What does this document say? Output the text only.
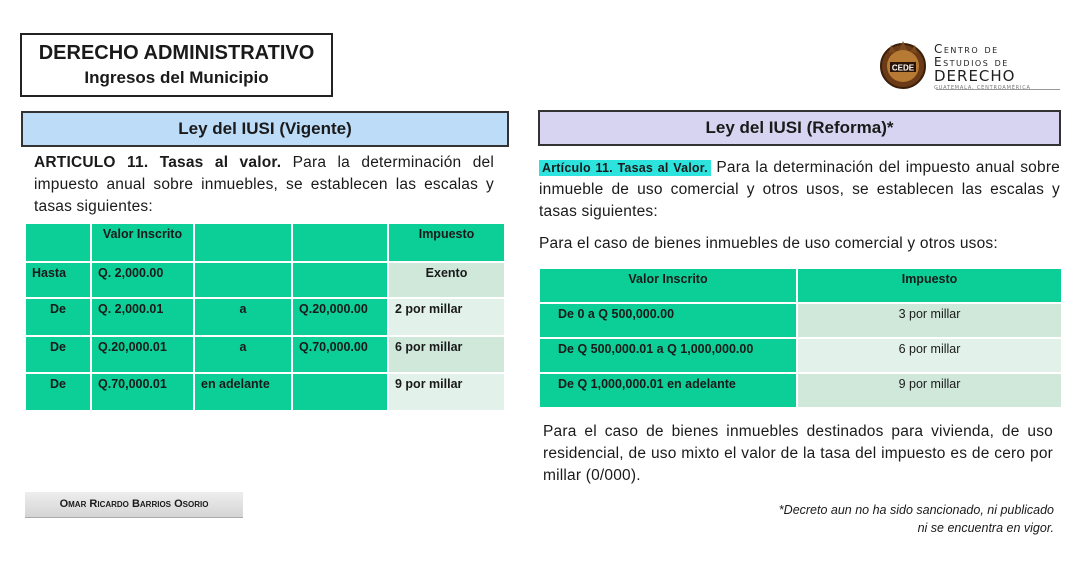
DERECHO ADMINISTRATIVO
Ingresos del Municipio	CEDE
Centro de
Estudios de
DERECHO
GUATEMALA, CENTROAMÉRICA
Ley del IUSI (Vigente)	Ley del IUSI (Reforma)*

ARTICULO 11. Tasas al valor. Para la determinación del impuesto anual sobre inmuebles, se establecen las escalas y tasas siguientes:

	Valor Inscrito			Impuesto
Hasta	Q. 2,000.00			Exento
De	Q. 2,000.01	a	Q.20,000.00	2 por millar
De	Q.20,000.01	a	Q.70,000.00	6 por millar
De	Q.70,000.01	en adelante		9 por millar

Artículo 11. Tasas al Valor. Para la determinación del impuesto anual sobre inmueble de uso comercial y otros usos, se establecen las escalas y tasas siguientes:

Para el caso de bienes inmuebles de uso comercial y otros usos:

Valor Inscrito	Impuesto
De 0 a Q 500,000.00	3 por millar
De Q 500,000.01 a Q 1,000,000.00	6 por millar
De Q 1,000,000.01 en adelante	9 por millar

Para el caso de bienes inmuebles destinados para vivienda, de uso residencial, de uso mixto el valor de la tasa del impuesto es de cero por millar (0/000).

Omar Ricardo Barrios Osorio	*Decreto aun no ha sido sancionado, ni publicado
ni se encuentra en vigor.
